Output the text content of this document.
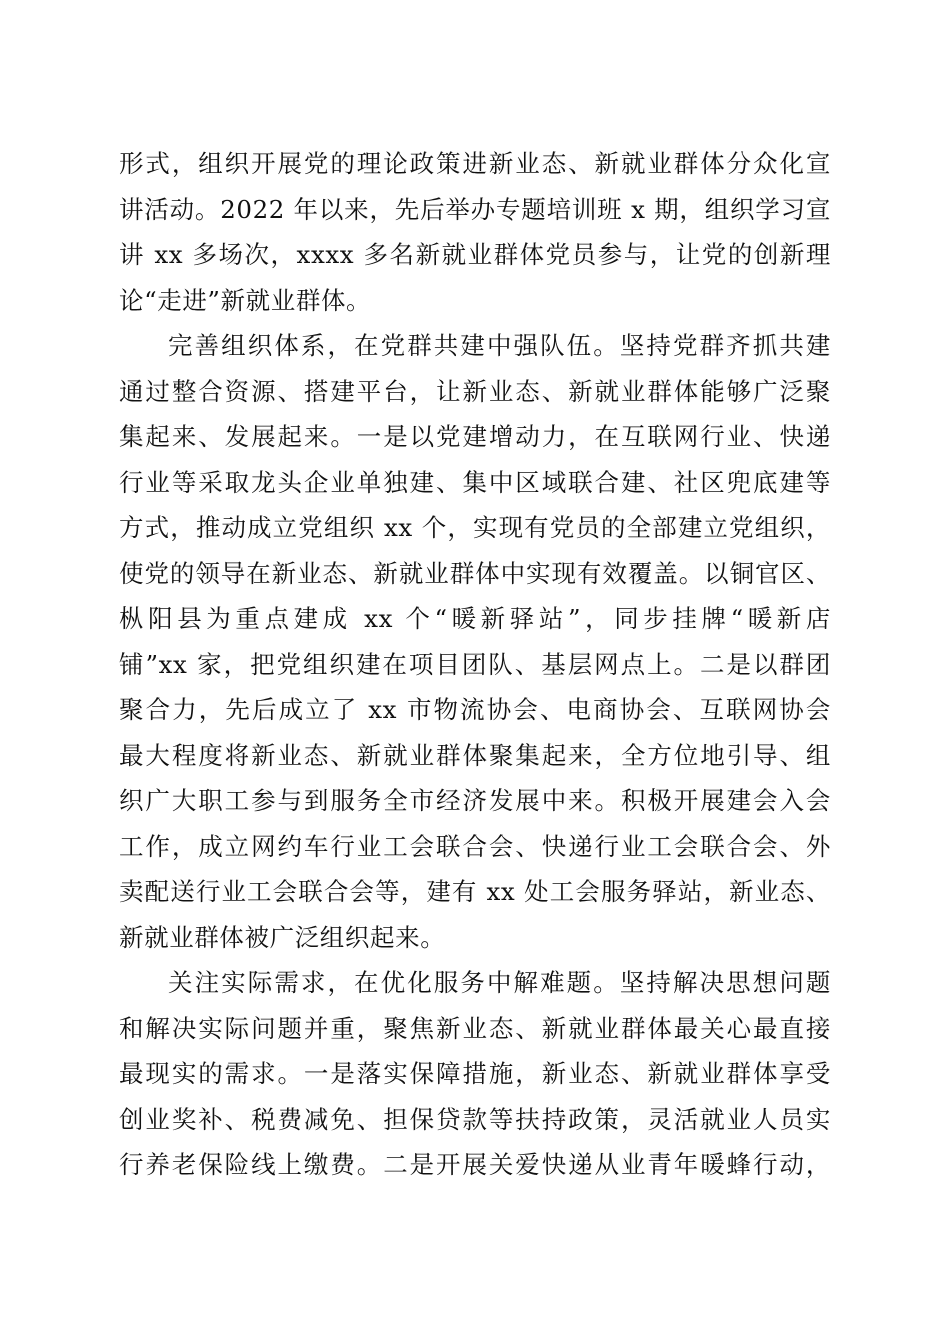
形式，组织开展党的理论政策进新业态、新就业群体分众化宣
讲活动。2022 年以来，先后举办专题培训班 x 期，组织学习宣
讲 xx 多场次，xxxx 多名新就业群体党员参与，让党的创新理
论“走进”新就业群体。
完善组织体系，在党群共建中强队伍。坚持党群齐抓共建
通过整合资源、搭建平台，让新业态、新就业群体能够广泛聚
集起来、发展起来。一是以党建增动力，在互联网行业、快递
行业等采取龙头企业单独建、集中区域联合建、社区兜底建等
方式，推动成立党组织 xx 个，实现有党员的全部建立党组织，
使党的领导在新业态、新就业群体中实现有效覆盖。以铜官区、
枞阳县为重点建成 xx 个“暖新驿站”，同步挂牌“暖新店
铺”xx 家，把党组织建在项目团队、基层网点上。二是以群团
聚合力，先后成立了 xx 市物流协会、电商协会、互联网协会
最大程度将新业态、新就业群体聚集起来，全方位地引导、组
织广大职工参与到服务全市经济发展中来。积极开展建会入会
工作，成立网约车行业工会联合会、快递行业工会联合会、外
卖配送行业工会联合会等，建有 xx 处工会服务驿站，新业态、
新就业群体被广泛组织起来。
关注实际需求，在优化服务中解难题。坚持解决思想问题
和解决实际问题并重，聚焦新业态、新就业群体最关心最直接
最现实的需求。一是落实保障措施，新业态、新就业群体享受
创业奖补、税费减免、担保贷款等扶持政策，灵活就业人员实
行养老保险线上缴费。二是开展关爱快递从业青年暖蜂行动，
